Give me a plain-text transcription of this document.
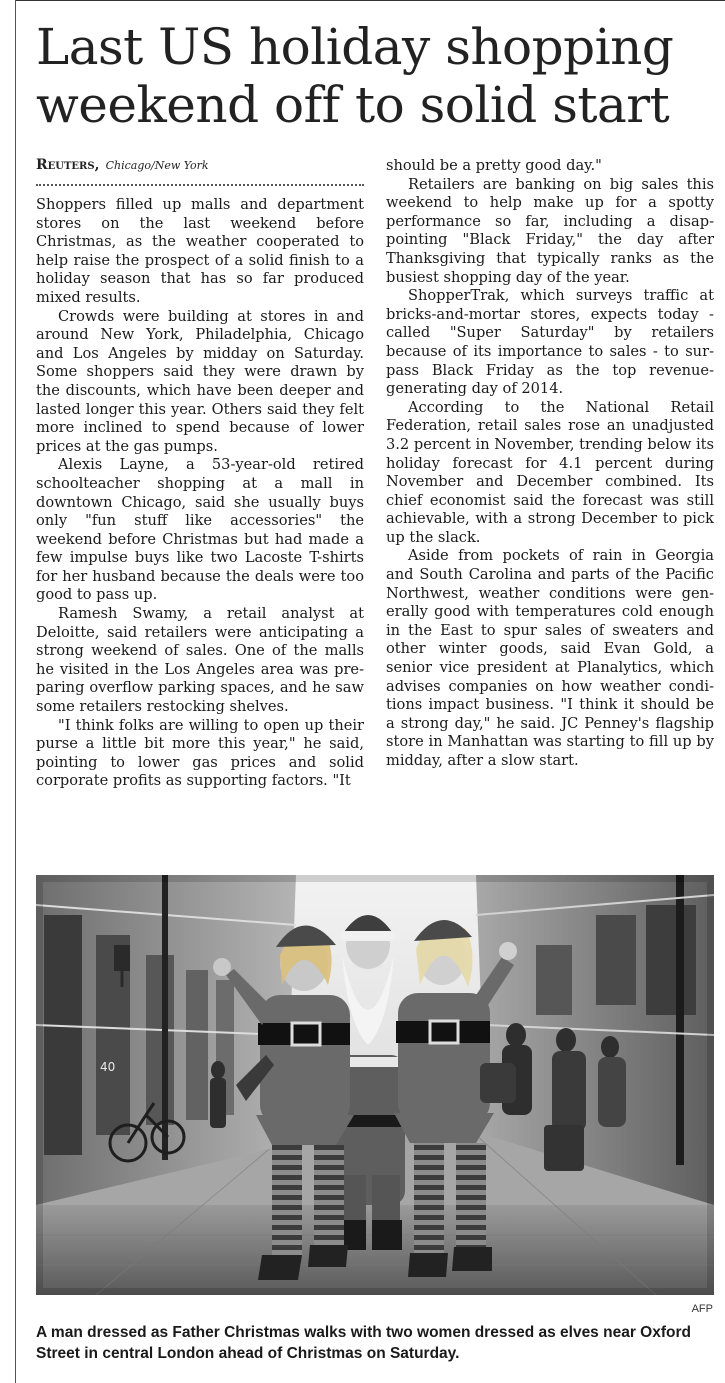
Last US holiday shopping weekend off to solid start
Reuters, Chicago/New York

Shoppers filled up malls and department stores on the last weekend before Christmas, as the weather cooperated to help raise the prospect of a solid finish to a holiday season that has so far produced mixed results.

Crowds were building at stores in and around New York, Philadelphia, Chicago and Los Angeles by midday on Saturday. Some shoppers said they were drawn by the discounts, which have been deeper and lasted longer this year. Others said they felt more inclined to spend because of lower prices at the gas pumps.

Alexis Layne, a 53-year-old retired schoolteacher shopping at a mall in downtown Chicago, said she usually buys only "fun stuff like accessories" the weekend before Christmas but had made a few impulse buys like two Lacoste T-shirts for her husband because the deals were too good to pass up.

Ramesh Swamy, a retail analyst at Deloitte, said retailers were anticipating a strong weekend of sales. One of the malls he visited in the Los Angeles area was preparing overflow parking spaces, and he saw some retailers restocking shelves.

"I think folks are willing to open up their purse a little bit more this year," he said, pointing to lower gas prices and solid corporate profits as supporting factors. "It

should be a pretty good day."

Retailers are banking on big sales this weekend to help make up for a spotty performance so far, including a disappointing "Black Friday," the day after Thanksgiving that typically ranks as the busiest shopping day of the year.

ShopperTrak, which surveys traffic at bricks-and-mortar stores, expects today - called "Super Saturday" by retailers because of its importance to sales - to surpass Black Friday as the top revenue-generating day of 2014.

According to the National Retail Federation, retail sales rose an unadjusted 3.2 percent in November, trending below its holiday forecast for 4.1 percent during November and December combined. Its chief economist said the forecast was still achievable, with a strong December to pick up the slack.

Aside from pockets of rain in Georgia and South Carolina and parts of the Pacific Northwest, weather conditions were generally good with temperatures cold enough in the East to spur sales of sweaters and other winter goods, said Evan Gold, a senior vice president at Planalytics, which advises companies on how weather conditions impact business. "I think it should be a strong day," he said. JC Penney's flagship store in Manhattan was starting to fill up by midday, after a slow start.

40
AFP

A man dressed as Father Christmas walks with two women dressed as elves near Oxford Street in central London ahead of Christmas on Saturday.
